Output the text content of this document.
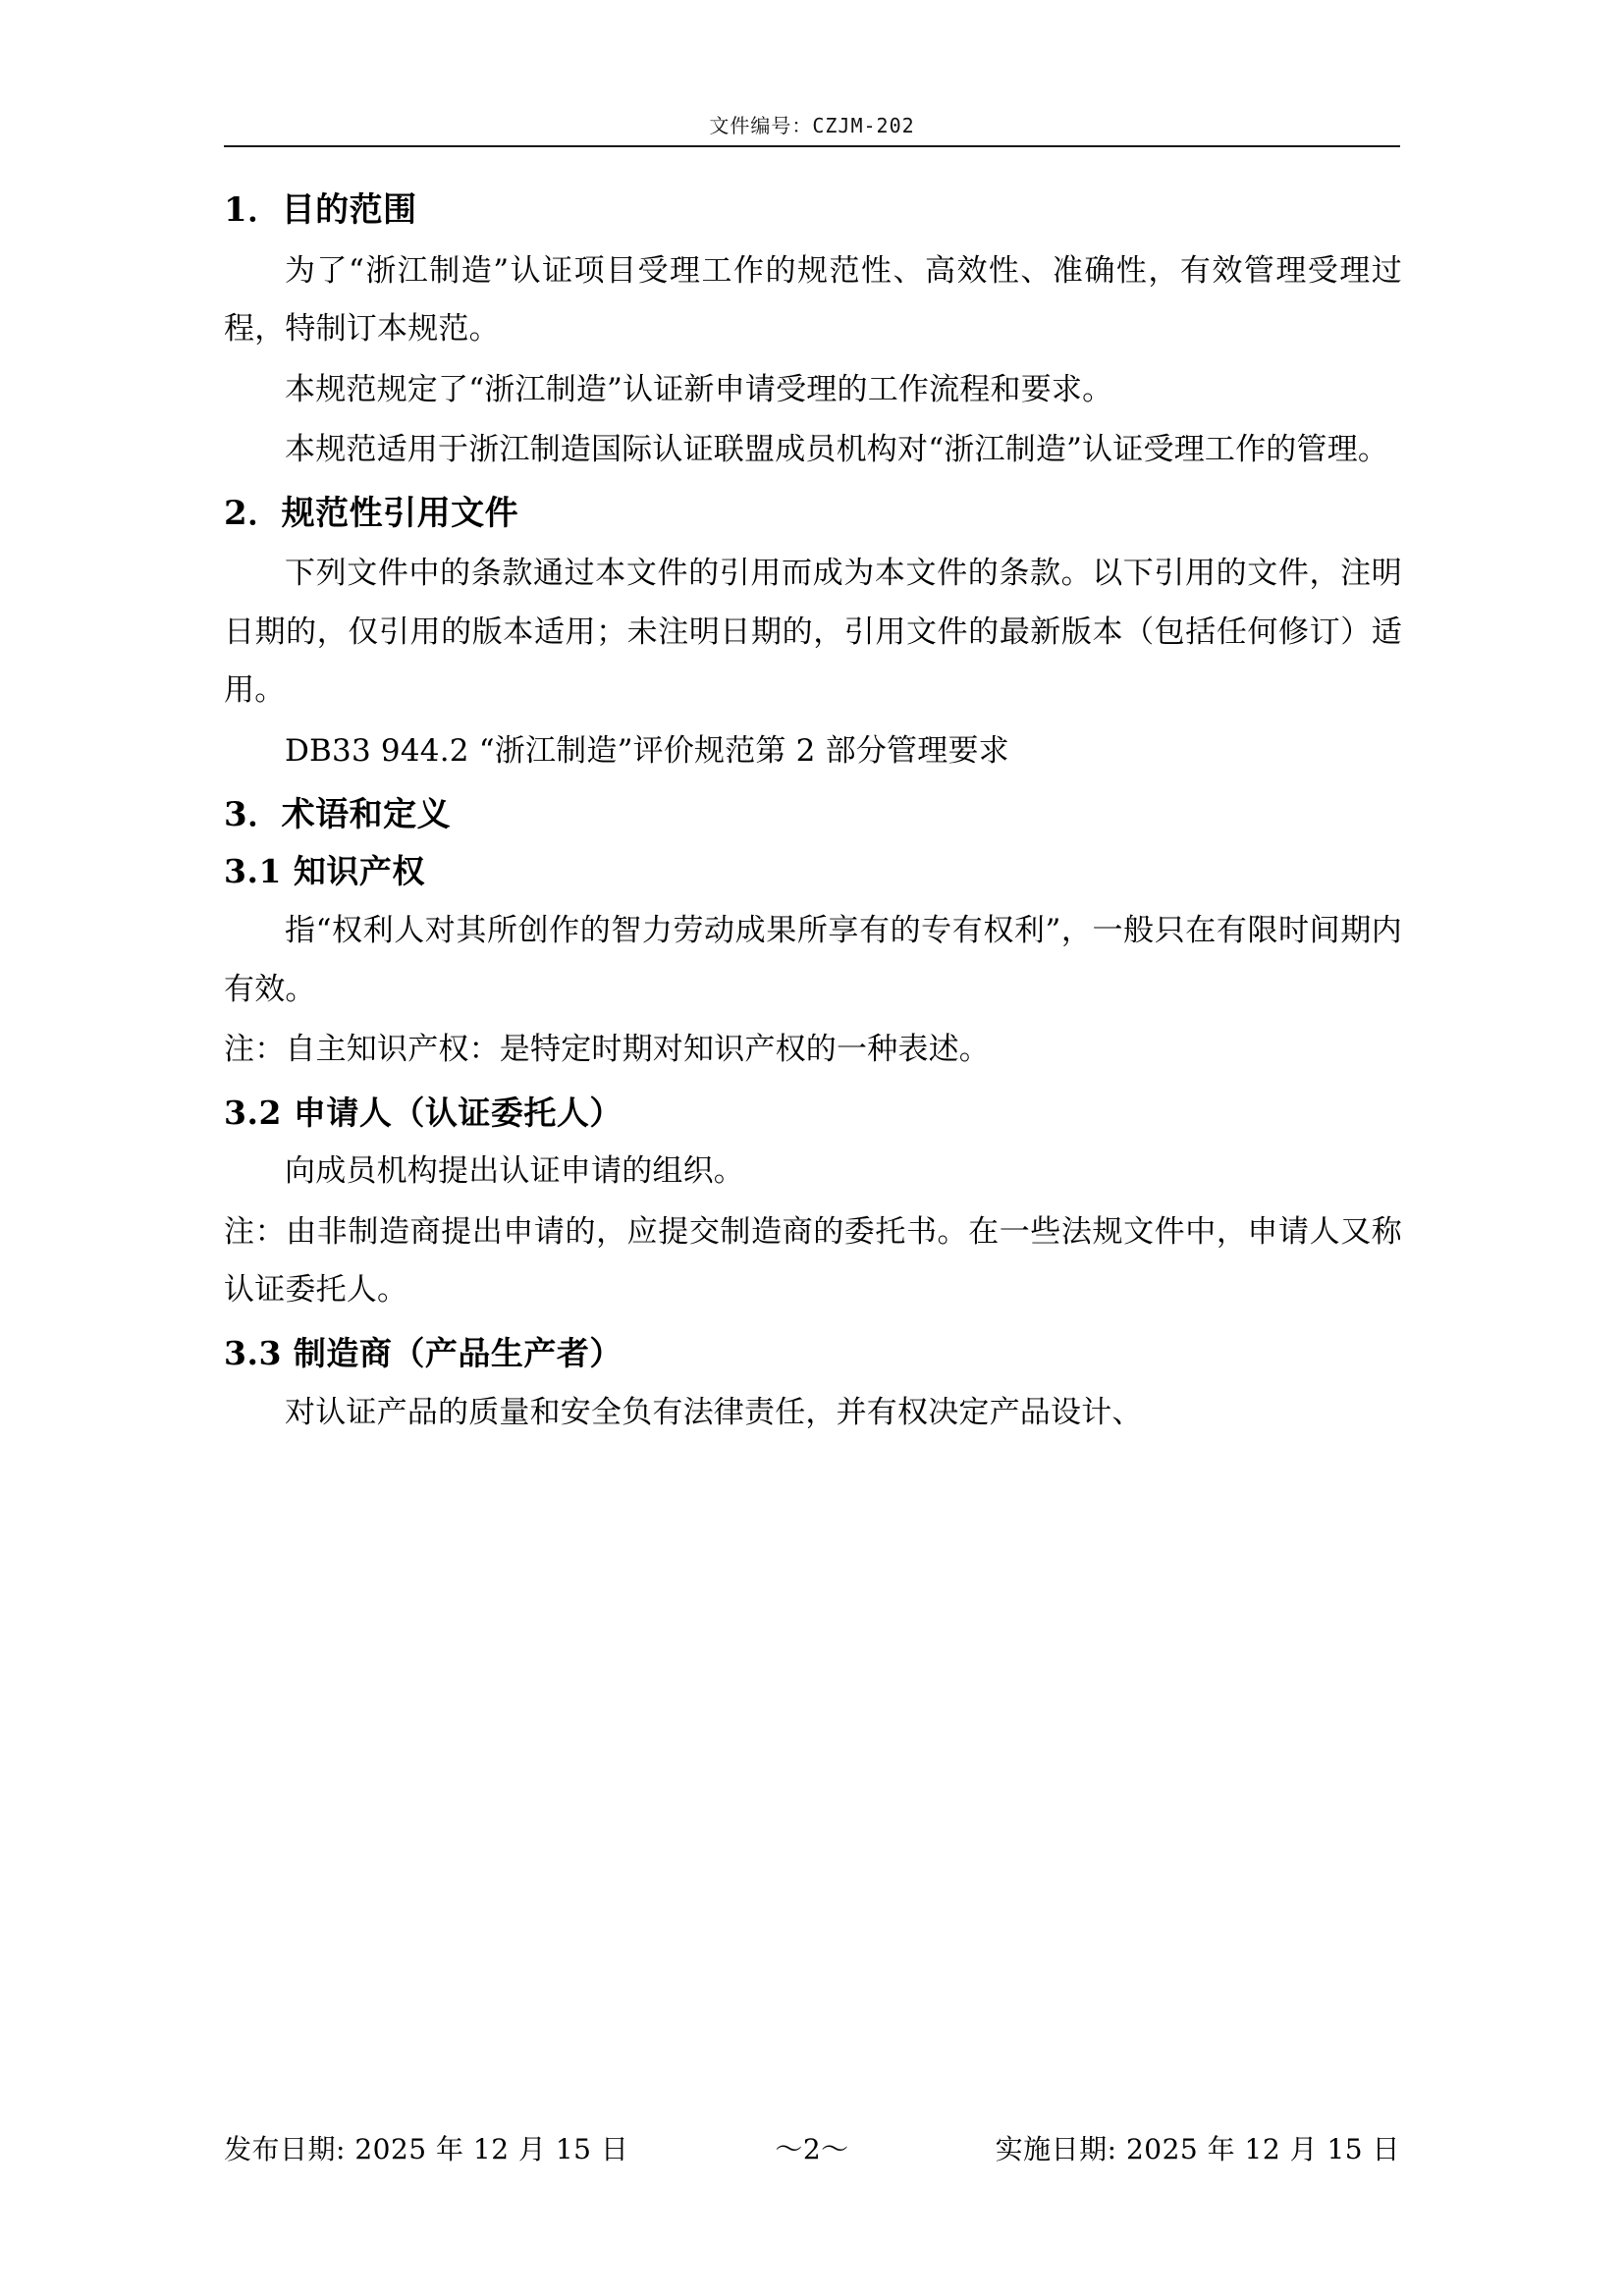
文件编号：CZJM-202
1．目的范围

为了“浙江制造”认证项目受理工作的规范性、高效性、准确性，有效管理受理过程，特制订本规范。

本规范规定了“浙江制造”认证新申请受理的工作流程和要求。

本规范适用于浙江制造国际认证联盟成员机构对“浙江制造”认证受理工作的管理。

2．规范性引用文件

下列文件中的条款通过本文件的引用而成为本文件的条款。以下引用的文件，注明日期的，仅引用的版本适用；未注明日期的，引用文件的最新版本（包括任何修订）适用。

DB33 944.2 “浙江制造”评价规范第 2 部分管理要求

3．术语和定义
3.1 知识产权

指“权利人对其所创作的智力劳动成果所享有的专有权利”，一般只在有限时间期内有效。

注：自主知识产权：是特定时期对知识产权的一种表述。

3.2 申请人（认证委托人）

向成员机构提出认证申请的组织。

注：由非制造商提出申请的，应提交制造商的委托书。在一些法规文件中，申请人又称认证委托人。

3.3 制造商（产品生产者）

对认证产品的质量和安全负有法律责任，并有权决定产品设计、

发布日期: 2025 年 12 月 15 日	～2～	实施日期: 2025 年 12 月 15 日
